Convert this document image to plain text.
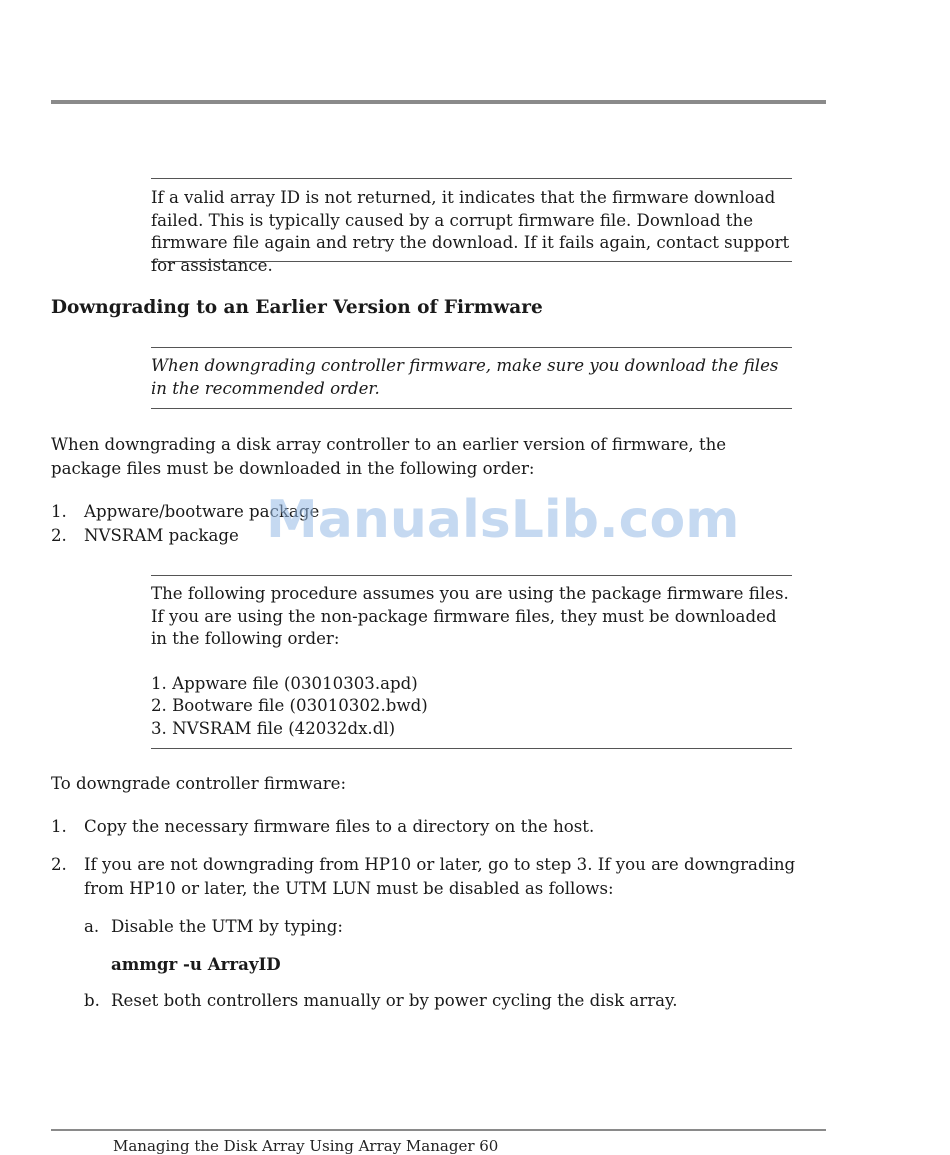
If a valid array ID is not returned, it indicates that the firmware download failed. This is typically caused by a corrupt firmware file. Download the firmware file again and retry the download. If it fails again, contact support for assistance.

Downgrading to an Earlier Version of Firmware

When downgrading controller firmware, make sure you download the files in the recommended order.

When downgrading a disk array controller to an earlier version of firmware, the package files must be downloaded in the following order:

1. Appware/bootware package
2. NVSRAM package ManualsLib.com

The following procedure assumes you are using the package firmware files. If you are using the non-package firmware files, they must be downloaded in the following order:

1. Appware file (03010303.apd)
2. Bootware file (03010302.bwd)
3. NVSRAM file (42032dx.dl)

To downgrade controller firmware:

1. Copy the necessary firmware files to a directory on the host.
2. If you are not downgrading from HP10 or later, go to step 3. If you are downgrading from HP10 or later, the UTM LUN must be disabled as follows:
a. Disable the UTM by typing:
ammgr -u ArrayID
b. Reset both controllers manually or by power cycling the disk array.
Managing the Disk Array Using Array Manager 60
